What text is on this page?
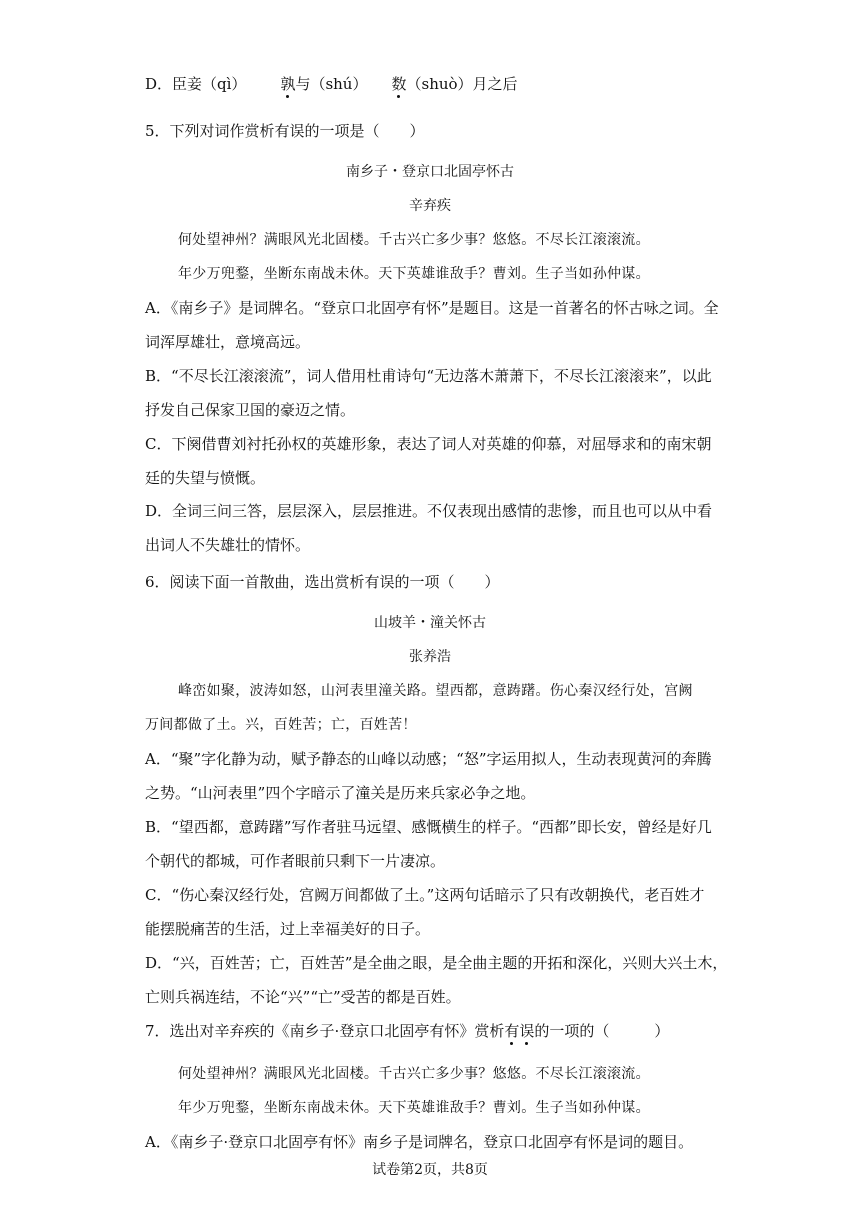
D．臣妾（qì） 孰与（shú） 数（shuò）月之后
5．下列对词作赏析有误的一项是（　　）
南乡子・登京口北固亭怀古
辛弃疾
何处望神州？满眼风光北固楼。千古兴亡多少事？悠悠。不尽长江滚滚流。
年少万兜鍪，坐断东南战未休。天下英雄谁敌手？曹刘。生子当如孙仲谋。
A．《南乡子》是词牌名。“登京口北固亭有怀”是题目。这是一首著名的怀古咏之词。全
词浑厚雄壮，意境高远。
B．“不尽长江滚滚流”，词人借用杜甫诗句“无边落木萧萧下，不尽长江滚滚来”，以此
抒发自己保家卫国的豪迈之情。
C．下阕借曹刘衬托孙权的英雄形象，表达了词人对英雄的仰慕，对屈辱求和的南宋朝
廷的失望与愤慨。
D．全词三问三答，层层深入，层层推进。不仅表现出感情的悲惨，而且也可以从中看
出词人不失雄壮的情怀。
6．阅读下面一首散曲，选出赏析有误的一项（　　）
山坡羊・潼关怀古
张养浩
峰峦如聚，波涛如怒，山河表里潼关路。望西都，意踌躇。伤心秦汉经行处，宫阙
万间都做了土。兴，百姓苦；亡，百姓苦！
A．“聚”字化静为动，赋予静态的山峰以动感；“怒”字运用拟人，生动表现黄河的奔腾
之势。“山河表里”四个字暗示了潼关是历来兵家必争之地。
B．“望西都，意踌躇”写作者驻马远望、感慨横生的样子。“西都”即长安，曾经是好几
个朝代的都城，可作者眼前只剩下一片凄凉。
C．“伤心秦汉经行处，宫阙万间都做了土。”这两句话暗示了只有改朝换代，老百姓才
能摆脱痛苦的生活，过上幸福美好的日子。
D．“兴，百姓苦；亡，百姓苦”是全曲之眼，是全曲主题的开拓和深化，兴则大兴土木，
亡则兵祸连结，不论“兴”“亡”受苦的都是百姓。
7．选出对辛弃疾的《南乡子·登京口北固亭有怀》赏析有误的一项的（　　　）
何处望神州？满眼风光北固楼。千古兴亡多少事？悠悠。不尽长江滚滚流。
年少万兜鍪，坐断东南战未休。天下英雄谁敌手？曹刘。生子当如孙仲谋。
A．《南乡子·登京口北固亭有怀》南乡子是词牌名，登京口北固亭有怀是词的题目。
试卷第2页，共8页
